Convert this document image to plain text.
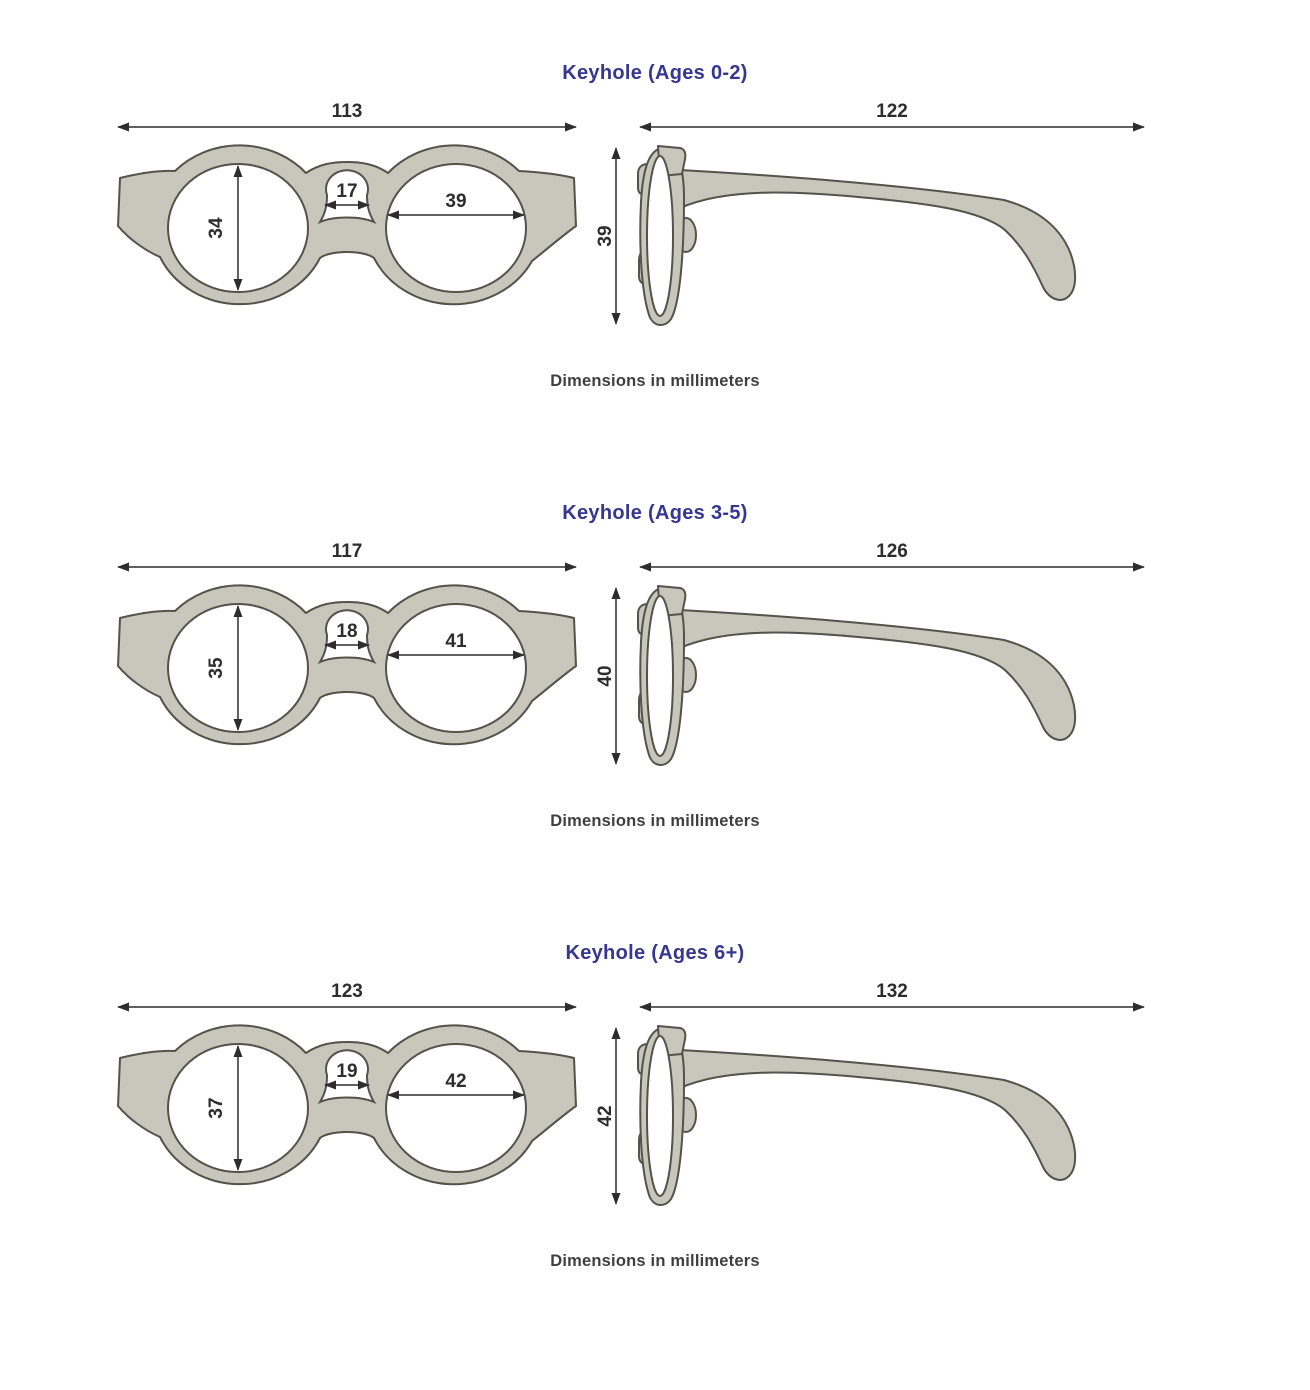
Keyhole (Ages 0-2)
113
34
17	39
122
39

Dimensions in millimeters

Keyhole (Ages 3-5)
117
35
18	41
126
40

Dimensions in millimeters

Keyhole (Ages 6+)
123
37
19	42
132
42

Dimensions in millimeters
